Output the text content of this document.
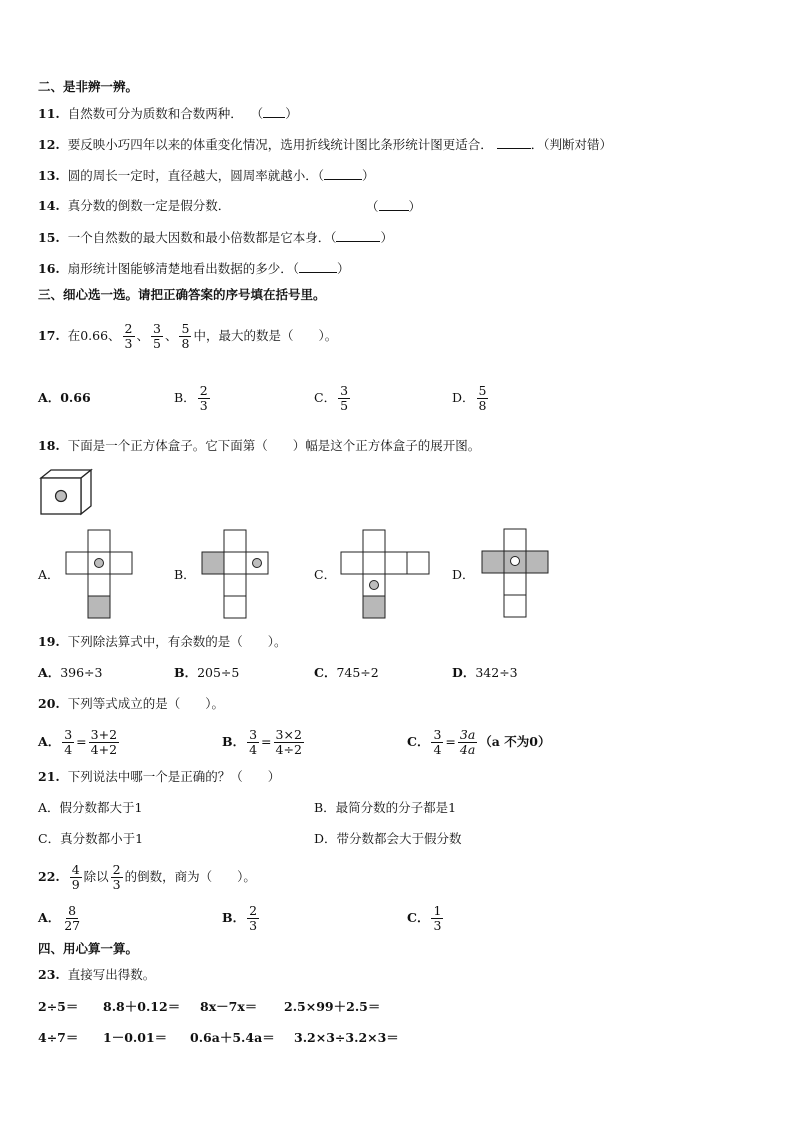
二、是非辨一辨。
11. 自然数可分为质数和合数两种． （ ）
12. 要反映小巧四年以来的体重变化情况，选用折线统计图比条形统计图更适合．	．（判断对错）
13. 圆的周长一定时，直径越大，圆周率就越小．（	）
14. 真分数的倒数一定是假分数．	（ ）
15. 一个自然数的最大因数和最小倍数都是它本身．（	）
16. 扇形统计图能够清楚地看出数据的多少．（	）
三、细心选一选。请把正确答案的序号填在括号里。
17. 在0.66、 $\frac{2}{3}$ 、 $\frac{3}{5}$ 、 $\frac{5}{8}$ 中，最大的数是（　　）。
A．0.66	B． $\frac{2}{3}$	C． $\frac{3}{5}$	D． $\frac{5}{8}$
18. 下面是一个正方体盒子。它下面第（　　）幅是这个正方体盒子的展开图。
A．	B．	C．	D．
19. 下列除法算式中，有余数的是（　　）。
A．396÷3	B．205÷5	C．745÷2	D．342÷3
20. 下列等式成立的是（　　）。
A． $\frac{3}{4} = \frac{3+2}{4+2}$	B． $\frac{3}{4} = \frac{3\times 2}{4\div 2}$	C． $\frac{3}{4} = \frac{3a}{4a} (a$ 不为0）
21. 下列说法中哪一个是正确的？（　　）
A．假分数都大于1	B．最简分数的分子都是1
C．真分数都小于1	D．带分数都会大于假分数
22. $\frac{4}{9}$ 除以 $\frac{2}{3}$ 的倒数，商为（　　）。
A． $\frac{8}{27}$	B． $\frac{2}{3}$	C． $\frac{1}{3}$
四、用心算一算。
23. 直接写出得数。
2÷5＝ 8.8＋0.12＝ 8x－7x＝ 2.5×99＋2.5＝
4÷7＝ 1－0.01＝ 0.6a＋5.4a＝ 3.2×3÷3.2×3＝
